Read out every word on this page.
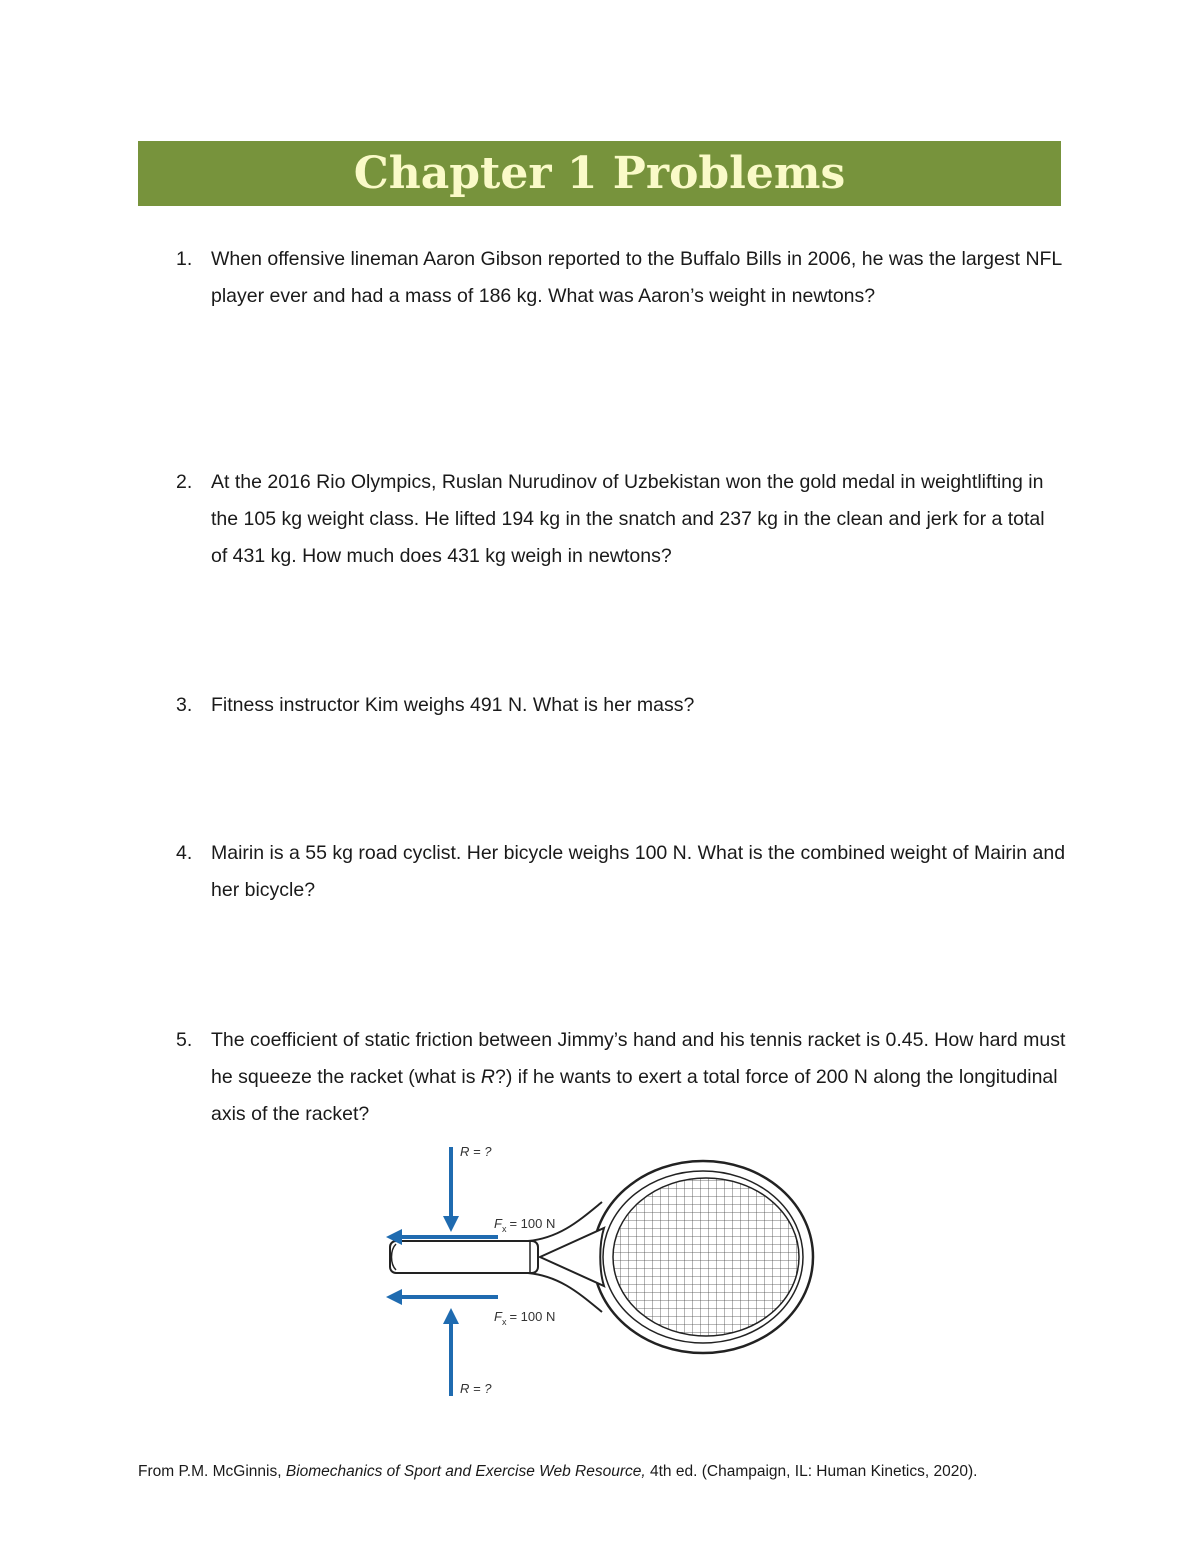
Chapter 1 Problems
1. When offensive lineman Aaron Gibson reported to the Buffalo Bills in 2006, he was the largest NFL player ever and had a mass of 186 kg. What was Aaron’s weight in newtons?
2. At the 2016 Rio Olympics, Ruslan Nurudinov of Uzbekistan won the gold medal in weightlifting in the 105 kg weight class. He lifted 194 kg in the snatch and 237 kg in the clean and jerk for a total of 431 kg. How much does 431 kg weigh in newtons?
3. Fitness instructor Kim weighs 491 N. What is her mass?
4. Mairin is a 55 kg road cyclist. Her bicycle weighs 100 N. What is the combined weight of Mairin and her bicycle?
5. The coefficient of static friction between Jimmy’s hand and his tennis racket is 0.45. How hard must he squeeze the racket (what is R?) if he wants to exert a total force of 200 N along the longitudinal axis of the racket?
R = ?
$F_x = 100$ N
$F_x = 100$ N
R = ?
From P.M. McGinnis, Biomechanics of Sport and Exercise Web Resource, 4th ed. (Champaign, IL: Human Kinetics, 2020).
